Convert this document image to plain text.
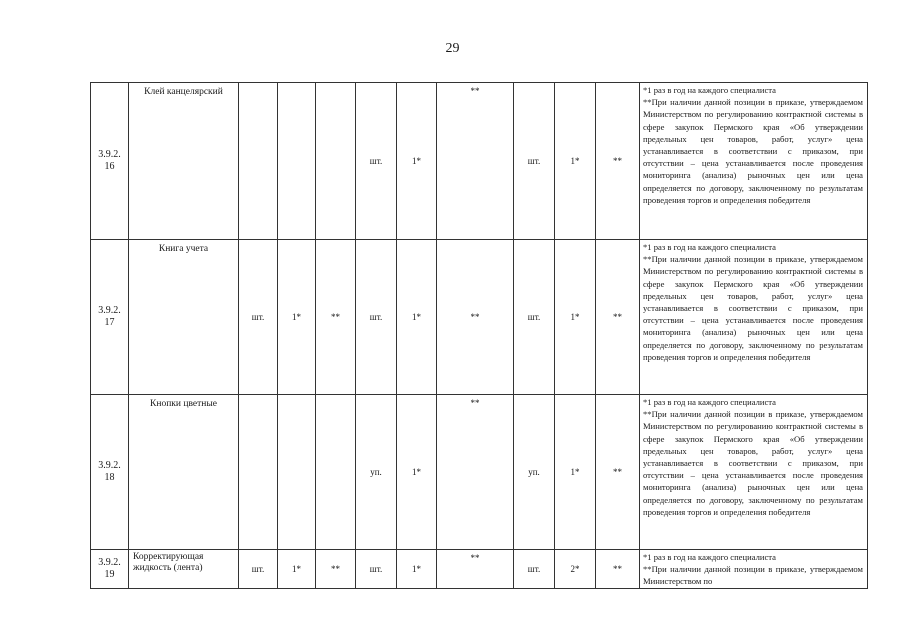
29
3.9.2.
16	Клей канцелярский				шт.	1*	**	шт.	1*	**	*1 раз в год на каждого специалиста
**При наличии данной позиции в приказе, утверждаемом Министерством по регулированию контрактной системы в сфере закупок Пермского края «Об утверждении предельных цен товаров, работ, услуг» цена устанавливается в соответствии с приказом, при отсутствии – цена устанавливается после проведения мониторинга (анализа) рыночных цен или цена определяется по договору, заключенному по результатам проведения торгов и определения победителя

3.9.2.
17	Книга учета	шт.	1*	**	шт.	1*	**	шт.	1*	**	*1 раз в год на каждого специалиста
**При наличии данной позиции в приказе, утверждаемом Министерством по регулированию контрактной системы в сфере закупок Пермского края «Об утверждении предельных цен товаров, работ, услуг» цена устанавливается в соответствии с приказом, при отсутствии – цена устанавливается после проведения мониторинга (анализа) рыночных цен или цена определяется по договору, заключенному по результатам проведения торгов и определения победителя

3.9.2.
18	Кнопки цветные				уп.	1*	**	уп.	1*	**	*1 раз в год на каждого специалиста
**При наличии данной позиции в приказе, утверждаемом Министерством по регулированию контрактной системы в сфере закупок Пермского края «Об утверждении предельных цен товаров, работ, услуг» цена устанавливается в соответствии с приказом, при отсутствии – цена устанавливается после проведения мониторинга (анализа) рыночных цен или цена определяется по договору, заключенному по результатам проведения торгов и определения победителя

3.9.2.
19	Корректирующая жидкость (лента)	шт.	1*	**	шт.	1*	**	шт.	2*	**	*1 раз в год на каждого специалиста
**При наличии данной позиции в приказе, утверждаемом Министерством по
